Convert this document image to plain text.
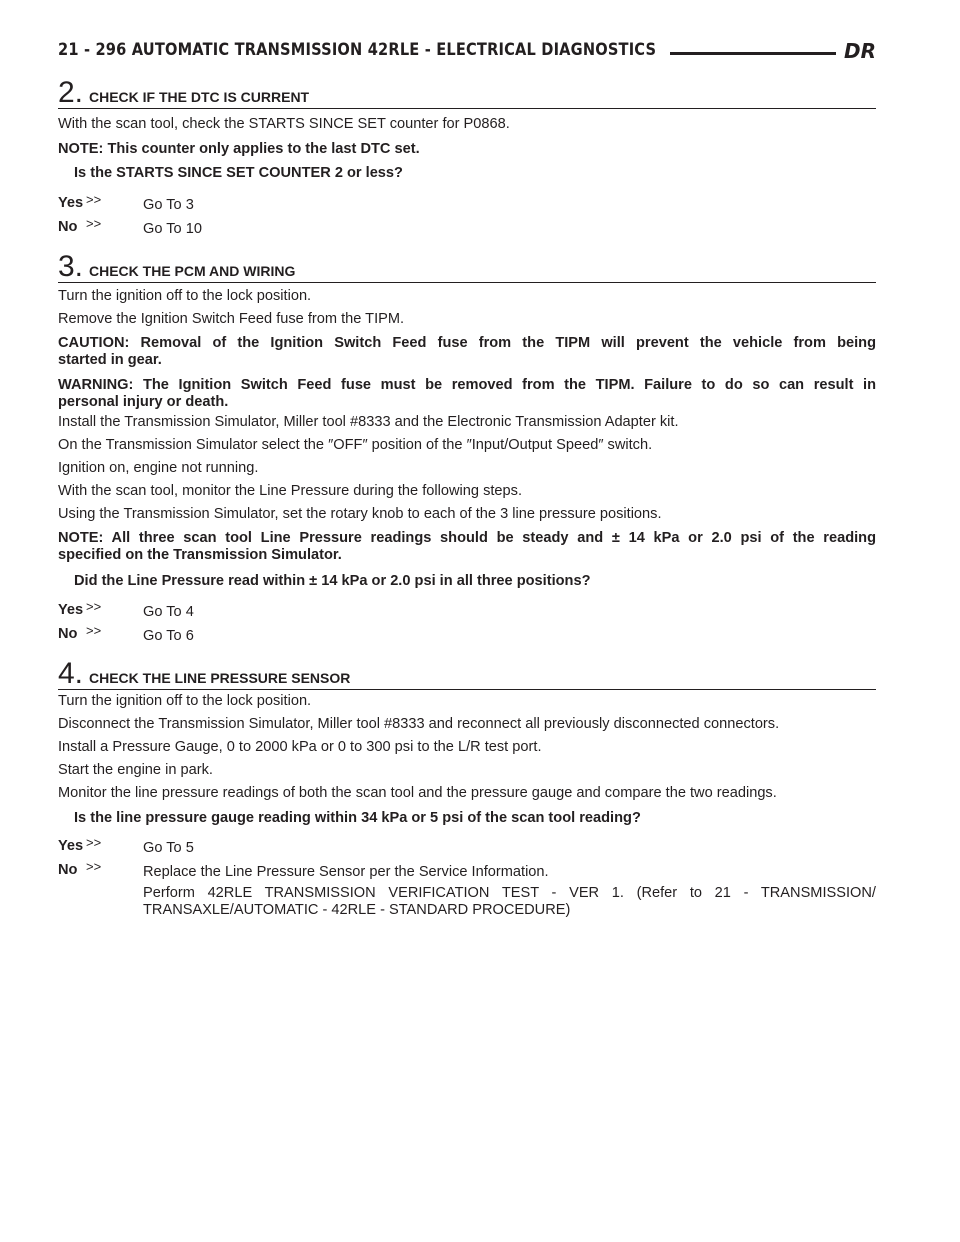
21 - 296 AUTOMATIC TRANSMISSION 42RLE - ELECTRICAL DIAGNOSTICS	DR
2. CHECK IF THE DTC IS CURRENT

With the scan tool, check the STARTS SINCE SET counter for P0868.

NOTE: This counter only applies to the last DTC set.

Is the STARTS SINCE SET COUNTER 2 or less?

Yes >>	Go To 3
No >>	Go To 10
3. CHECK THE PCM AND WIRING

Turn the ignition off to the lock position.

Remove the Ignition Switch Feed fuse from the TIPM.

CAUTION: Removal of the Ignition Switch Feed fuse from the TIPM will prevent the vehicle from being
started in gear.
WARNING: The Ignition Switch Feed fuse must be removed from the TIPM. Failure to do so can result in
personal injury or death.

Install the Transmission Simulator, Miller tool #8333 and the Electronic Transmission Adapter kit.

On the Transmission Simulator select the ″OFF″ position of the ″Input/Output Speed″ switch.

Ignition on, engine not running.

With the scan tool, monitor the Line Pressure during the following steps.

Using the Transmission Simulator, set the rotary knob to each of the 3 line pressure positions.

NOTE: All three scan tool Line Pressure readings should be steady and ± 14 kPa or 2.0 psi of the reading
specified on the Transmission Simulator.

Did the Line Pressure read within ± 14 kPa or 2.0 psi in all three positions?

Yes >>	Go To 4
No >>	Go To 6
4. CHECK THE LINE PRESSURE SENSOR

Turn the ignition off to the lock position.

Disconnect the Transmission Simulator, Miller tool #8333 and reconnect all previously disconnected connectors.

Install a Pressure Gauge, 0 to 2000 kPa or 0 to 300 psi to the L/R test port.

Start the engine in park.

Monitor the line pressure readings of both the scan tool and the pressure gauge and compare the two readings.

Is the line pressure gauge reading within 34 kPa or 5 psi of the scan tool reading?

Yes >>	Go To 5
No >>	Replace the Line Pressure Sensor per the Service Information.
Perform 42RLE TRANSMISSION VERIFICATION TEST - VER 1. (Refer to 21 - TRANSMISSION/
TRANSAXLE/AUTOMATIC - 42RLE - STANDARD PROCEDURE)
